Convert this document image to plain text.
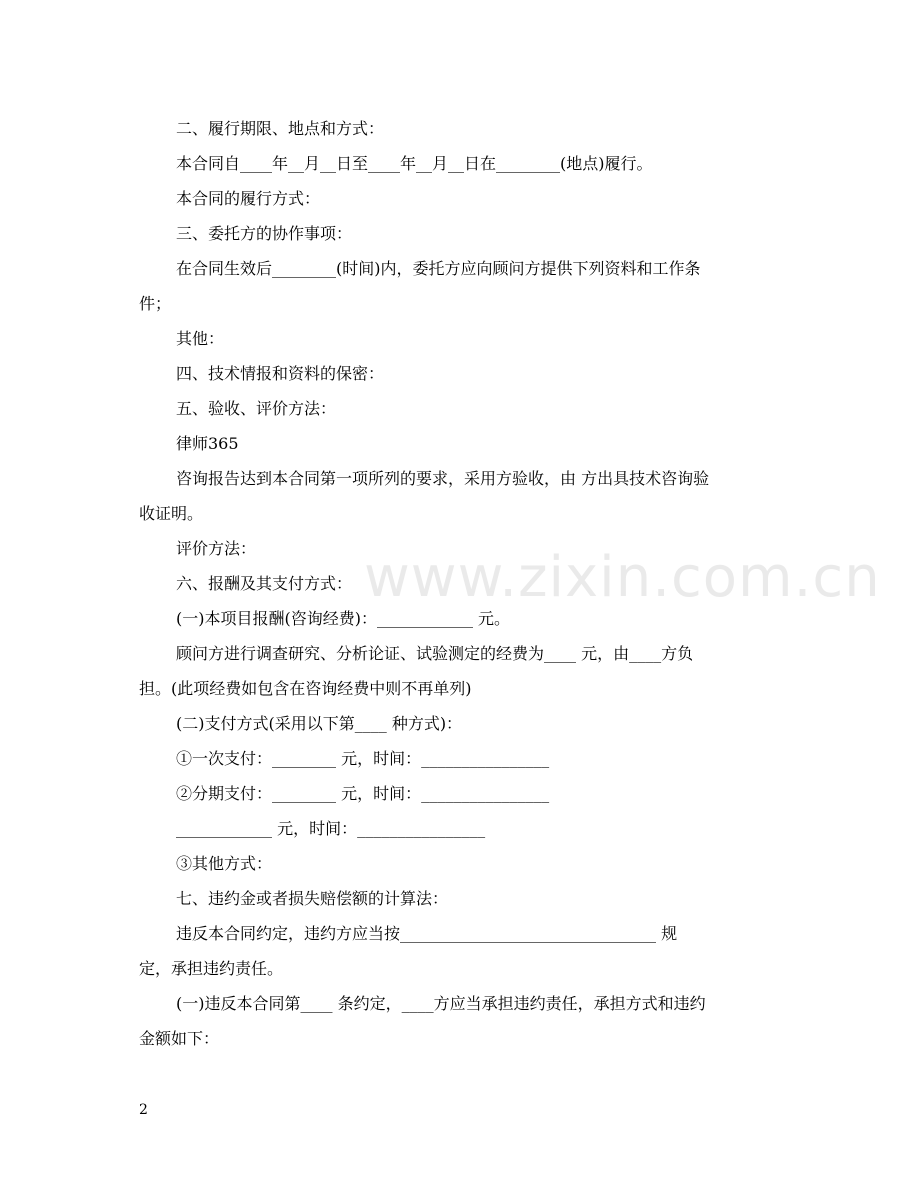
二、履行期限、地点和方式：
本合同自____年__月__日至____年__月__日在________(地点)履行。
本合同的履行方式：
三、委托方的协作事项：
在合同生效后________(时间)内，委托方应向顾问方提供下列资料和工作条
件；
其他：
四、技术情报和资料的保密：
五、验收、评价方法：
律师365
咨询报告达到本合同第一项所列的要求，采用方验收，由 方出具技术咨询验
收证明。
评价方法：
六、报酬及其支付方式：
(一)本项目报酬(咨询经费)：____________ 元。
顾问方进行调查研究、分析论证、试验测定的经费为____ 元，由____方负
担。(此项经费如包含在咨询经费中则不再单列)
(二)支付方式(采用以下第____ 种方式)：
①一次支付：________ 元，时间：________________
②分期支付：________ 元，时间：________________
____________ 元，时间：________________
③其他方式：
七、违约金或者损失赔偿额的计算法：
违反本合同约定，违约方应当按________________________________ 规
定，承担违约责任。
(一)违反本合同第____ 条约定，____方应当承担违约责任，承担方式和违约
金额如下：
www.zixin.com.cn
2
